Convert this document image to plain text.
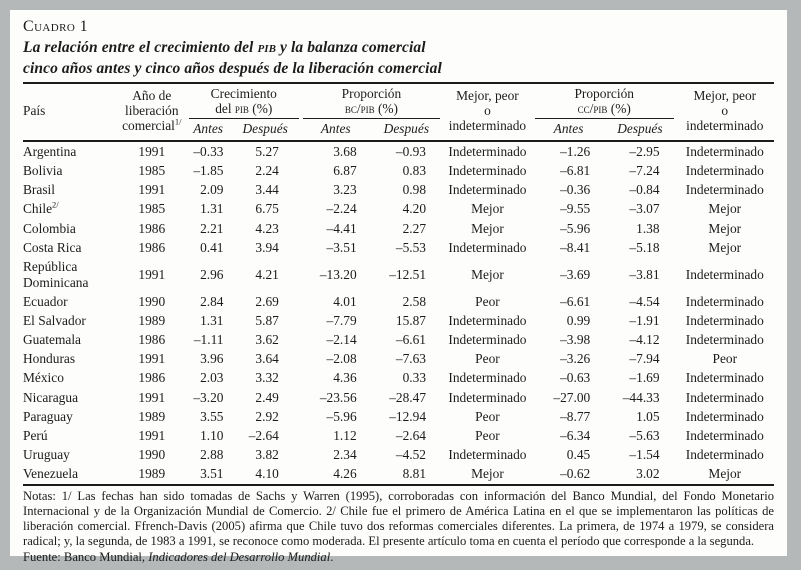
Cuadro 1
La relación entre el crecimiento del pib y la balanza comercial
cinco años antes y cinco años después de la liberación comercial
País	
Año de
liberación
comercial$^{1/}$

Crecimiento
del pib (%)

Proporción
bc/pib (%)

Mejor, peor
o
indeterminado

Proporción
cc/pib (%)

Mejor, peor
o
indeterminado

		Antes	Después	Antes	Después		Antes	Después	
Argentina	1991	–0.33	5.27	3.68	–0.93	Indeterminado	–1.26	–2.95	Indeterminado
Bolivia	1985	–1.85	2.24	6.87	0.83	Indeterminado	–6.81	–7.24	Indeterminado
Brasil	1991	2.09	3.44	3.23	0.98	Indeterminado	–0.36	–0.84	Indeterminado
Chile$^{2/}$	1985	1.31	6.75	–2.24	4.20	Mejor	–9.55	–3.07	Mejor
Colombia	1986	2.21	4.23	–4.41	2.27	Mejor	–5.96	1.38	Mejor
Costa Rica	1986	0.41	3.94	–3.51	–5.53	Indeterminado	–8.41	–5.18	Mejor
República Dominicana	1991	2.96	4.21	–13.20	–12.51	Mejor	–3.69	–3.81	Indeterminado
Ecuador	1990	2.84	2.69	4.01	2.58	Peor	–6.61	–4.54	Indeterminado
El Salvador	1989	1.31	5.87	–7.79	15.87	Indeterminado	0.99	–1.91	Indeterminado
Guatemala	1986	–1.11	3.62	–2.14	–6.61	Indeterminado	–3.98	–4.12	Indeterminado
Honduras	1991	3.96	3.64	–2.08	–7.63	Peor	–3.26	–7.94	Peor
México	1986	2.03	3.32	4.36	0.33	Indeterminado	–0.63	–1.69	Indeterminado
Nicaragua	1991	–3.20	2.49	–23.56	–28.47	Indeterminado	–27.00	–44.33	Indeterminado
Paraguay	1989	3.55	2.92	–5.96	–12.94	Peor	–8.77	1.05	Indeterminado
Perú	1991	1.10	–2.64	1.12	–2.64	Peor	–6.34	–5.63	Indeterminado
Uruguay	1990	2.88	3.82	2.34	–4.52	Indeterminado	0.45	–1.54	Indeterminado
Venezuela	1989	3.51	4.10	4.26	8.81	Mejor	–0.62	3.02	Mejor

Notas: 1/ Las fechas han sido tomadas de Sachs y Warren (1995), corroboradas con información del Banco Mundial, del Fondo Monetario Internacional y de la Organización Mundial de Comercio. 2/ Chile fue el primero de América Latina en el que se implementaron las políticas de liberación comercial. Ffrench-Davis (2005) afirma que Chile tuvo dos reformas comerciales diferentes. La primera, de 1974 a 1979, se considera radical; y, la segunda, de 1983 a 1991, se reconoce como moderada. El presente artículo toma en cuenta el período que corresponde a la segunda.

Fuente: Banco Mundial, Indicadores del Desarrollo Mundial.
